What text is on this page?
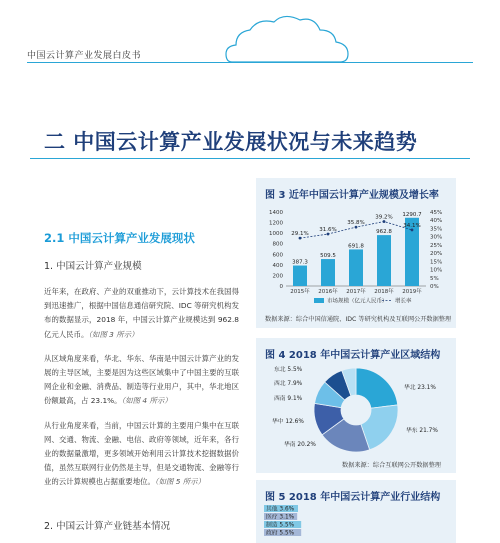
中国云计算产业发展白皮书
二 中国云计算产业发展状况与未来趋势
2.1 中国云计算产业发展现状
1. 中国云计算产业规模

近年来，在政府、产业的双重推动下，云计算技术在我国得到迅速推广，根据中国信息通信研究院、IDC 等研究机构发布的数据显示，2018 年，中国云计算产业规模达到 962.8 亿元人民币。（如图 3 所示）

从区域角度来看，华北、华东、华南是中国云计算产业的发展的主导区域，主要是因为这些区域集中了中国主要的互联网企业和金融、消费品、制造等行业用户，其中，华北地区份额最高，占 23.1%。（如图 4 所示）

从行业角度来看，当前，中国云计算的主要用户集中在互联网、交通、物流、金融、电信、政府等领域，近年来，各行业的数据量激增，更多领域开始利用云计算技术挖掘数据价值，虽然互联网行业仍然是主导，但是交通物流、金融等行业的云计算规模也占据重要地位。（如图 5 所示）

2. 中国云计算产业链基本情况
图 3 近年中国云计算产业规模及增长率
0
200
400
600
800
1000
1200
1400
0%
5%
10%
15%
20%
25%
30%
35%
40%
45%
387.3
2015年
509.5
2016年
691.8
2017年
962.8
2018年
1290.7
2019年
29.1%
31.6%
35.8%
39.2%
34.1%
市场规模（亿元人民币） 增长率
数据来源：综合中国信通院、IDC 等研究机构及互联网公开数据整理
图 4 2018 年中国云计算产业区域结构
华北 23.1%
华东 21.7%
华南 20.2%
华中 12.6%
西南 9.1%
西北 7.9%
东北 5.5%
数据来源：综合互联网公开数据整理
图 5 2018 年中国云计算产业行业结构
其他 3.6%
医疗 3.1%
制造 5.5%
政府 5.5%
